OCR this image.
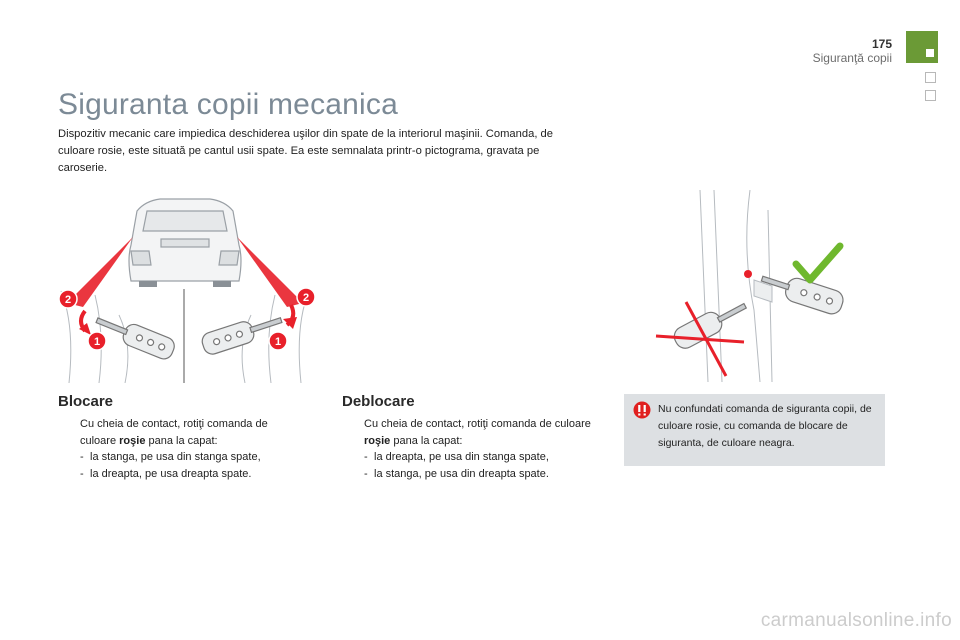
175
Siguranţă copii
Siguranta copii mecanica
Dispozitiv mecanic care impiedica deschiderea uşilor din spate de la interiorul maşinii. Comanda, de culoare rosie, este situată pe cantul usii spate. Ea este semnalata printr-o pictograma, gravata pe caroserie.
2
1
2
1
Blocare
Cu cheia de contact, rotiţi comanda de culoare roşie pana la capat:
- la stanga, pe usa din stanga spate,
- la dreapta, pe usa dreapta spate.
Deblocare
Cu cheia de contact, rotiţi comanda de culoare roşie pana la capat:
- la dreapta, pe usa din stanga spate,
- la stanga, pe usa din dreapta spate.
Nu confundati comanda de siguranta copii, de culoare rosie, cu comanda de blocare de siguranta, de culoare neagra.
carmanualsonline.info
